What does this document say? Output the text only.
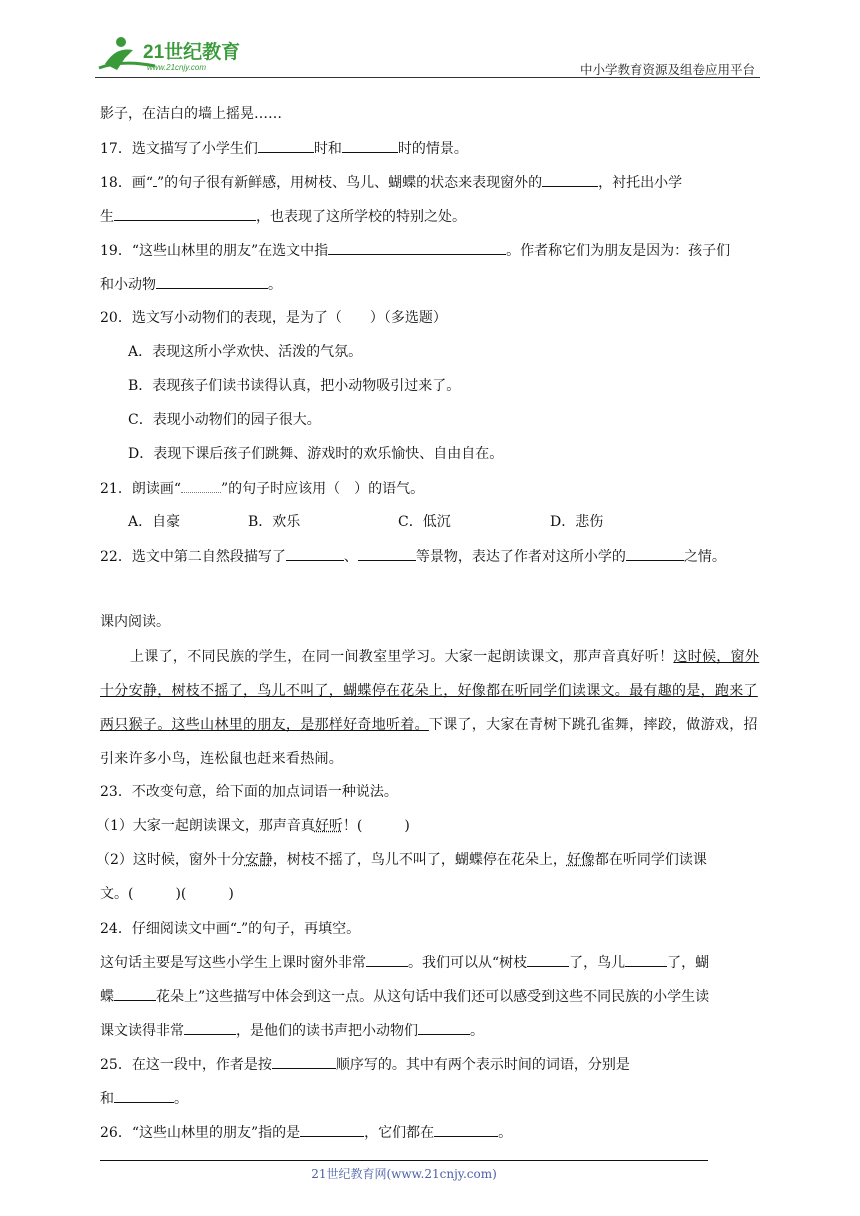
21世纪教育
www.21cnjy.com	中小学教育资源及组卷应用平台
影子，在洁白的墙上摇晃……
17．选文描写了小学生们	时和	时的情景。
18．画“ ”的句子很有新鲜感，用树枝、鸟儿、蝴蝶的状态来表现窗外的	，衬托出小学
生	，也表现了这所学校的特别之处。
19．“这些山林里的朋友”在选文中指	。作者称它们为朋友是因为：孩子们
和小动物	。
20．选文写小动物们的表现，是为了（　　）（多选题）
A．表现这所小学欢快、活泼的气氛。
B．表现孩子们读书读得认真，把小动物吸引过来了。
C．表现小动物们的园子很大。
D．表现下课后孩子们跳舞、游戏时的欢乐愉快、自由自在。
21．朗读画“	”的句子时应该用（　）的语气。
A．自豪	B．欢乐	C．低沉	D．悲伤
22．选文中第二自然段描写了	、	等景物，表达了作者对这所小学的	之情。
课内阅读。
上课了，不同民族的学生，在同一间教室里学习。大家一起朗读课文，那声音真好听！这时候，窗外十分安静，树枝不摇了，鸟儿不叫了，蝴蝶停在花朵上，好像都在听同学们读课文。最有趣的是，跑来了两只猴子。这些山林里的朋友，是那样好奇地听着。下课了，大家在青树下跳孔雀舞，摔跤，做游戏，招引来许多小鸟，连松鼠也赶来看热闹。
23．不改变句意，给下面的加点词语一种说法。
（1）大家一起朗读课文，那声音真好听！(　　　)
（2）这时候，窗外十分安静，树枝不摇了，鸟儿不叫了，蝴蝶停在花朵上，好像都在听同学们读课
文。(　　　)(　　　)
24．仔细阅读文中画“ ”的句子，再填空。
这句话主要是写这些小学生上课时窗外非常	。我们可以从“树枝	了，鸟儿	了，蝴
蝶	花朵上”这些描写中体会到这一点。从这句话中我们还可以感受到这些不同民族的小学生读
课文读得非常	，是他们的读书声把小动物们	。
25．在这一段中，作者是按	顺序写的。其中有两个表示时间的词语，分别是
和	。
26．“这些山林里的朋友”指的是	，它们都在	。
21世纪教育网(www.21cnjy.com)
